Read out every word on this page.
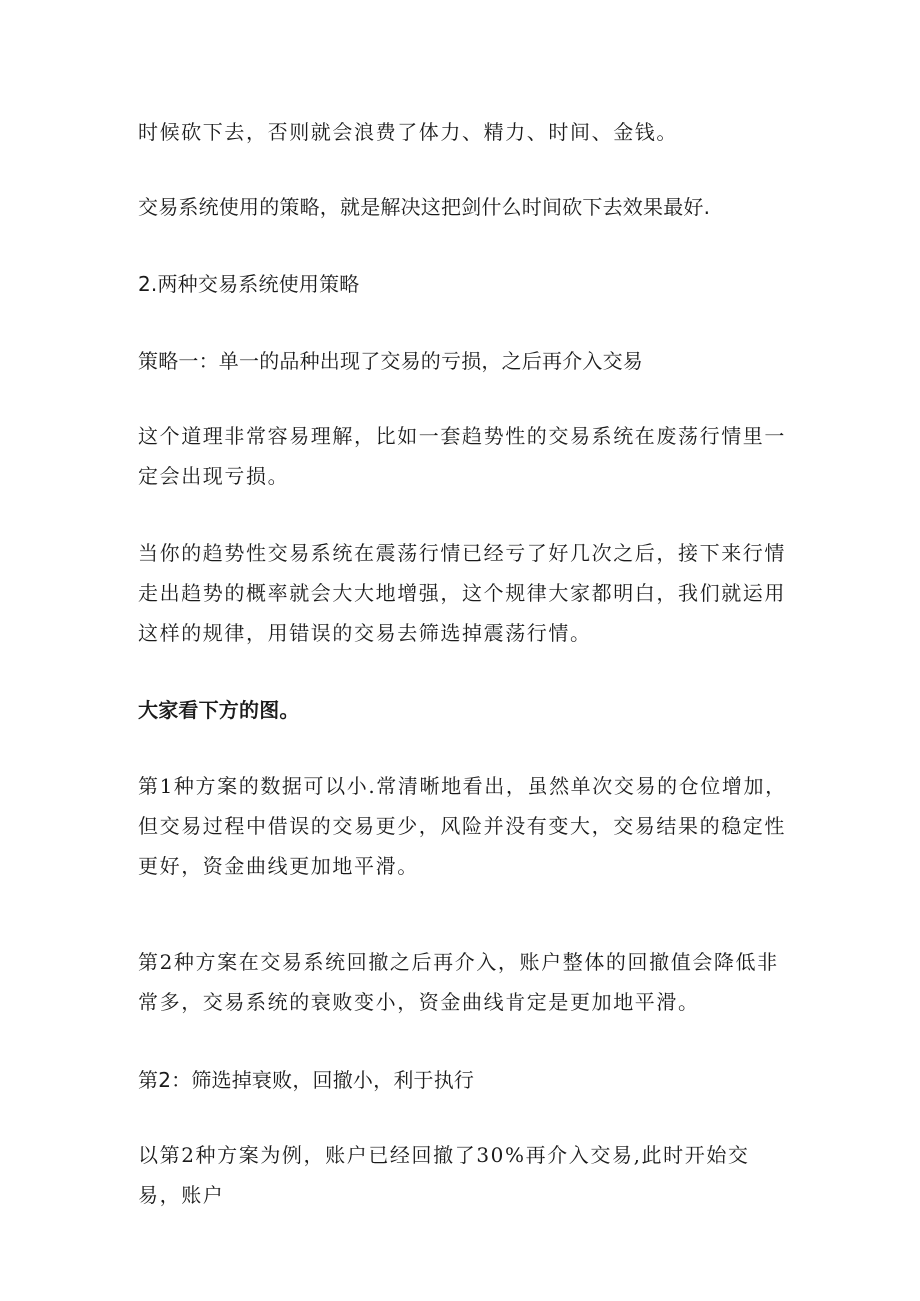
时候砍下去，否则就会浪费了体力、精力、时间、金钱。

交易系统使用的策略，就是解决这把剑什么时间砍下去效果最好.

2.两种交易系统使用策略

策略一：单一的品种出现了交易的亏损，之后再介入交易

这个道理非常容易理解，比如一套趋势性的交易系统在废荡行情里一定会出现亏损。

当你的趋势性交易系统在震荡行情已经亏了好几次之后，接下来行情走出趋势的概率就会大大地增强，这个规律大家都明白，我们就运用这样的规律，用错误的交易去筛选掉震荡行情。

大家看下方的图。

第1种方案的数据可以小.常清晰地看出，虽然单次交易的仓位增加，但交易过程中借误的交易更少，风险并没有变大，交易结果的稳定性更好，资金曲线更加地平滑。

第2种方案在交易系统回撤之后再介入，账户整体的回撤值会降低非常多，交易系统的衰败变小，资金曲线肯定是更加地平滑。

第2：筛选掉衰败，回撤小，利于执行

以第2种方案为例，账户已经回撤了30%再介入交易,此时开始交易，账户
